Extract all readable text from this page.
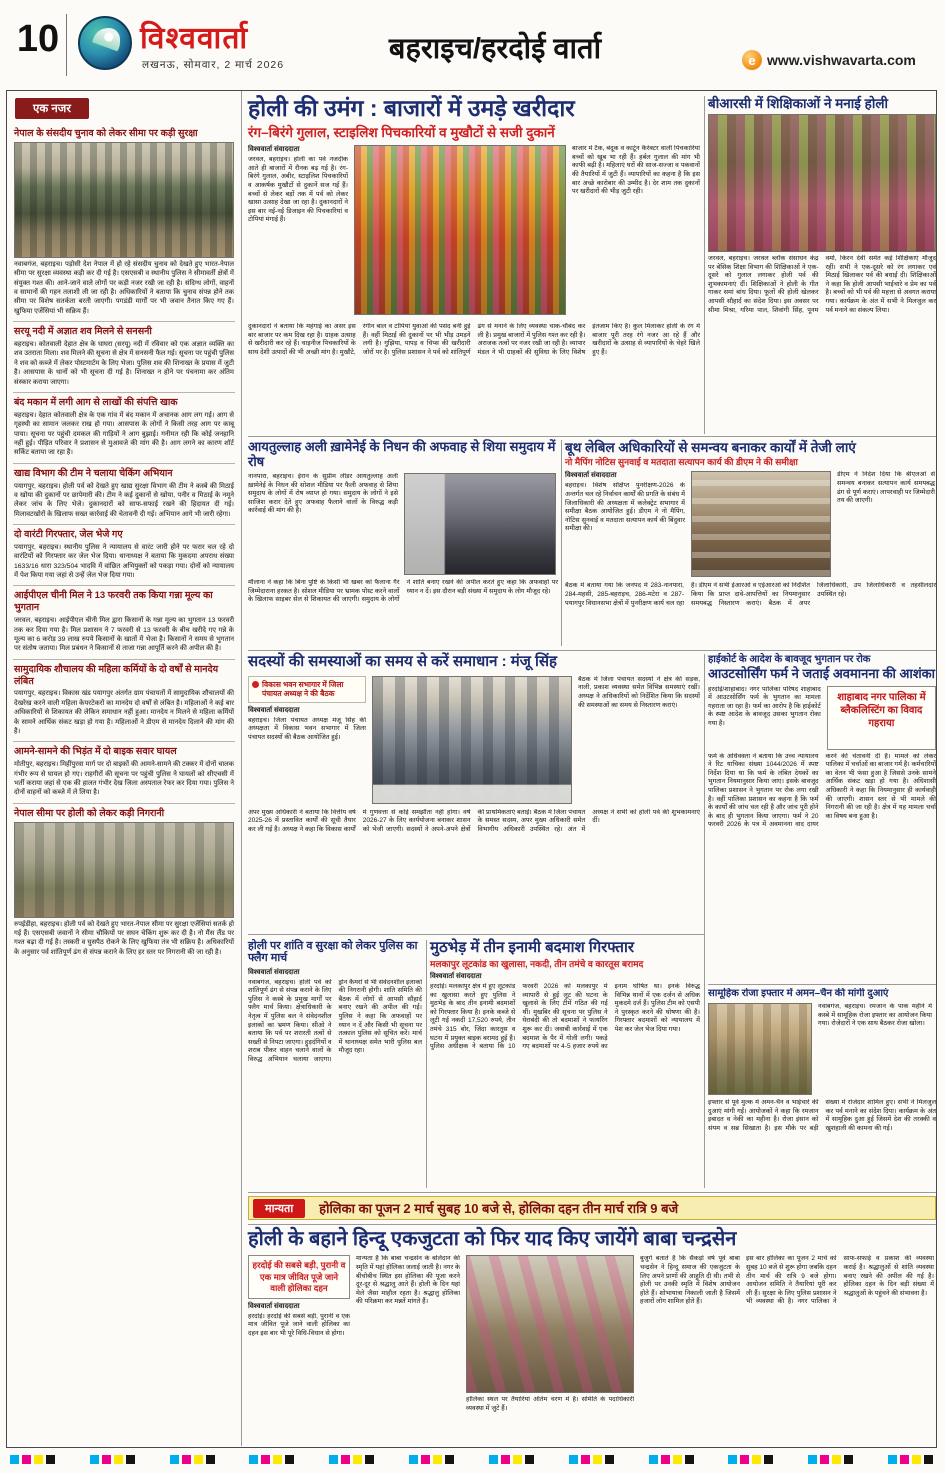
10	विश्ववार्ता
लखनऊ, सोमवार, 2 मार्च 2026	बहराइच/हरदोई वार्ता	e www.vishwavarta.com
एक नजर
नेपाल के संसदीय चुनाव को लेकर सीमा पर कड़ी सुरक्षा
नवाबगंज, बहराइच। पड़ोसी देश नेपाल में हो रहे संसदीय चुनाव को देखते हुए भारत-नेपाल सीमा पर सुरक्षा व्यवस्था कड़ी कर दी गई है। एसएसबी व स्थानीय पुलिस ने सीमावर्ती क्षेत्रों में संयुक्त गश्त की। आने-जाने वाले लोगों पर कड़ी नजर रखी जा रही है। संदिग्ध लोगों, वाहनों व सामानों की गहन तलाशी ली जा रही है। अधिकारियों ने बताया कि चुनाव संपन्न होने तक सीमा पर विशेष सतर्कता बरती जाएगी। पगडंडी मार्गों पर भी जवान तैनात किए गए हैं। खुफिया एजेंसियां भी सक्रिय हैं।
सरयू नदी में अज्ञात शव मिलने से सनसनी
बहराइच। कोतवाली देहात क्षेत्र के घाघरा (सरयू) नदी में रविवार को एक अज्ञात व्यक्ति का शव उतराता मिला। शव मिलने की सूचना से क्षेत्र में सनसनी फैल गई। सूचना पर पहुंची पुलिस ने शव को कब्जे में लेकर पोस्टमार्टम के लिए भेजा। पुलिस शव की शिनाख्त के प्रयास में जुटी है। आसपास के थानों को भी सूचना दी गई है। शिनाख्त न होने पर पंचनामा कर अंतिम संस्कार कराया जाएगा।
बंद मकान में लगी आग से लाखों की संपत्ति खाक
बहराइच। देहात कोतवाली क्षेत्र के एक गांव में बंद मकान में अचानक आग लग गई। आग से गृहस्थी का सामान जलकर राख हो गया। आसपास के लोगों ने किसी तरह आग पर काबू पाया। सूचना पर पहुंची दमकल की गाड़ियों ने आग बुझाई। गनीमत रही कि कोई जनहानि नहीं हुई। पीड़ित परिवार ने प्रशासन से मुआवजे की मांग की है। आग लगने का कारण शॉर्ट सर्किट बताया जा रहा है।
खाद्य विभाग की टीम ने चलाया चेकिंग अभियान
पयागपुर, बहराइच। होली पर्व को देखते हुए खाद्य सुरक्षा विभाग की टीम ने कस्बे की मिठाई व खोया की दुकानों पर छापेमारी की। टीम ने कई दुकानों से खोया, पनीर व मिठाई के नमूने लेकर जांच के लिए भेजे। दुकानदारों को साफ-सफाई रखने की हिदायत दी गई। मिलावटखोरों के खिलाफ सख्त कार्रवाई की चेतावनी दी गई। अभियान आगे भी जारी रहेगा।
दो वारंटी गिरफ्तार, जेल भेजे गए
पयागपुर, बहराइच। स्थानीय पुलिस ने न्यायालय से वारंट जारी होने पर फरार चल रहे दो वारंटियों को गिरफ्तार कर जेल भेज दिया। थानाध्यक्ष ने बताया कि मुकदमा अपराध संख्या 1633/16 धारा 323/504 भादवि में वांछित अभियुक्तों को पकड़ा गया। दोनों को न्यायालय में पेश किया गया जहां से उन्हें जेल भेज दिया गया।
आईपीएल चीनी मिल ने 13 फरवरी तक किया गन्ना मूल्य का भुगतान
जरवल, बहराइच। आईपीएल चीनी मिल द्वारा किसानों के गन्ना मूल्य का भुगतान 13 फरवरी तक कर दिया गया है। मिल प्रशासन ने 7 फरवरी से 13 फरवरी के बीच खरीदे गए गन्ने के मूल्य का 6 करोड़ 39 लाख रुपये किसानों के खातों में भेजा है। किसानों ने समय से भुगतान पर संतोष जताया। मिल प्रबंधन ने किसानों से ताजा गन्ना आपूर्ति करने की अपील की है।
सामुदायिक शौचालय की महिला कर्मियों के दो वर्षों से मानदेय लंबित
पयागपुर, बहराइच। विकास खंड पयागपुर अंतर्गत ग्राम पंचायतों में सामुदायिक शौचालयों की देखरेख करने वाली महिला केयरटेकरों का मानदेय दो वर्षों से लंबित है। महिलाओं ने कई बार अधिकारियों से शिकायत की लेकिन समाधान नहीं हुआ। मानदेय न मिलने से महिला कर्मियों के सामने आर्थिक संकट खड़ा हो गया है। महिलाओं ने डीएम से मानदेय दिलाने की मांग की है।
आमने-सामने की भिड़ंत में दो बाइक सवार घायल
मोतीपुर, बहराइच। मिहींपुरवा मार्ग पर दो बाइकों की आमने-सामने की टक्कर में दोनों चालक गंभीर रूप से घायल हो गए। राहगीरों की सूचना पर पहुंची पुलिस ने घायलों को सीएचसी में भर्ती कराया जहां से एक की हालत गंभीर देख जिला अस्पताल रेफर कर दिया गया। पुलिस ने दोनों वाहनों को कब्जे में ले लिया है।
नेपाल सीमा पर होली को लेकर कड़ी निगरानी
रुपईडीहा, बहराइच। होली पर्व को देखते हुए भारत-नेपाल सीमा पर सुरक्षा एजेंसियां सतर्क हो गई हैं। एसएसबी जवानों ने सीमा चौकियों पर सघन चेकिंग शुरू कर दी है। नो मैंस लैंड पर गश्त बढ़ा दी गई है। तस्करी व घुसपैठ रोकने के लिए खुफिया तंत्र भी सक्रिय है। अधिकारियों के अनुसार पर्व शांतिपूर्ण ढंग से संपन्न कराने के लिए हर स्तर पर निगरानी की जा रही है।
होली की उमंग : बाजारों में उमड़े खरीदार
रंग–बिरंगे गुलाल, स्टाइलिश पिचकारियों व मुखौटों से सजी दुकानें
विश्ववार्ता संवाददाता
जरवल, बहराइच। होली का पर्व नजदीक आते ही बाजारों में रौनक बढ़ गई है। रंग-बिरंगे गुलाल, अबीर, स्टाइलिश पिचकारियों व आकर्षक मुखौटों से दुकानें सज गई हैं। बच्चों से लेकर बड़ों तक में पर्व को लेकर खासा उत्साह देखा जा रहा है। दुकानदारों ने इस बार नई-नई डिजाइन की पिचकारियां व टोपियां मंगाई हैं।
बाजार में टैंक, बंदूक व कार्टून कैरेक्टर वाली पिचकारियां बच्चों को खूब भा रही हैं। हर्बल गुलाल की मांग भी काफी बढ़ी है। महिलाएं घरों की साज-सज्जा व पकवानों की तैयारियों में जुटी हैं। व्यापारियों का कहना है कि इस बार अच्छे कारोबार की उम्मीद है। देर शाम तक दुकानों पर खरीदारों की भीड़ जुटी रही।
दुकानदारों ने बताया कि महंगाई का असर इस बार बाजार पर कम दिख रहा है। ग्राहक उत्साह से खरीदारी कर रहे हैं। चाइनीज पिचकारियों के साथ देशी उत्पादों की भी अच्छी मांग है। मुखौटे, रंगीन बाल व टोपियां युवाओं की पसंद बनी हुई हैं। वहीं मिठाई की दुकानों पर भी भीड़ उमड़ने लगी है। गुझिया, पापड़ व चिप्स की खरीदारी जोरों पर है। पुलिस प्रशासन ने पर्व को शांतिपूर्ण ढंग से मनाने के लिए व्यवस्था चाक-चौबंद कर ली है। प्रमुख बाजारों में पुलिस गश्त कर रही है। अराजक तत्वों पर नजर रखी जा रही है। व्यापार मंडल ने भी ग्राहकों की सुविधा के लिए विशेष इंतजाम किए हैं। कुल मिलाकर होली के रंग में बाजार पूरी तरह रंगे नजर आ रहे हैं और खरीदारों के उत्साह से व्यापारियों के चेहरे खिले हुए हैं।
बीआरसी में शिक्षिकाओं ने मनाई होली
जरवल, बहराइच। जरवल ब्लॉक संसाधन केंद्र पर बेसिक शिक्षा विभाग की शिक्षिकाओं ने एक-दूसरे को गुलाल लगाकर होली पर्व की शुभकामनाएं दीं। शिक्षिकाओं ने होली के गीत गाकर समां बांध दिया। फूलों की होली खेलकर आपसी सौहार्द का संदेश दिया। इस अवसर पर सीमा मिश्रा, गरिमा पाल, शिवांगी सिंह, पूनम वर्मा, किरन देवी समेत कई शिक्षिकाएं मौजूद रहीं। सभी ने एक-दूसरे को रंग लगाकर एवं मिठाई खिलाकर पर्व की बधाई दी। शिक्षिकाओं ने कहा कि होली आपसी भाईचारे व प्रेम का पर्व है। बच्चों को भी पर्व की महत्ता से अवगत कराया गया। कार्यक्रम के अंत में सभी ने मिलजुल कर पर्व मनाने का संकल्प लिया।
आयतुल्लाह अली ख़ामेनेई के निधन की अफवाह से शिया समुदाय में रोष
नानपारा, बहराइच। ईरान के सुप्रीम लीडर आयतुल्लाह अली ख़ामेनेई के निधन की सोशल मीडिया पर फैली अफवाह से शिया समुदाय के लोगों में रोष व्याप्त हो गया। समुदाय के लोगों ने इसे साजिश करार देते हुए अफवाह फैलाने वालों के विरुद्ध कड़ी कार्रवाई की मांग की है।
मौलाना ने कहा कि बिना पुष्टि के किसी भी खबर को फैलाना गैर जिम्मेदाराना हरकत है। सोशल मीडिया पर भ्रामक पोस्ट करने वालों के खिलाफ साइबर सेल से शिकायत की जाएगी। समुदाय के लोगों ने शांति बनाए रखने की अपील करते हुए कहा कि अफवाहों पर ध्यान न दें। इस दौरान बड़ी संख्या में समुदाय के लोग मौजूद रहे।
बूथ लेबिल अधिकारियों से समन्वय बनाकर कार्यों में तेजी लाएं
नो मैपिंग नोटिस सुनवाई व मतदाता सत्यापन कार्य की डीएम ने की समीक्षा
विश्ववार्ता संवाददाता
बहराइच। विशेष संक्षिप्त पुनरीक्षण-2026 के अन्तर्गत चल रहे निर्वाचन कार्यों की प्रगति के संबंध में जिलाधिकारी की अध्यक्षता में कलेक्ट्रेट सभागार में समीक्षा बैठक आयोजित हुई। डीएम ने नो मैपिंग, नोटिस सुनवाई व मतदाता सत्यापन कार्य की बिंदुवार समीक्षा की।
डीएम ने निर्देश दिया कि बीएलओ से समन्वय बनाकर सत्यापन कार्य समयबद्ध ढंग से पूर्ण कराएं। लापरवाही पर जिम्मेदारी तय की जाएगी।
बैठक में बताया गया कि जनपद में 283-नानपारा, 284-महसी, 285-बहराइच, 286-मटेरा व 287-पयागपुर विधानसभा क्षेत्रों में पुनरीक्षण कार्य चल रहा है। डीएम ने सभी ईआरओ व एईआरओ को निर्देशित किया कि प्राप्त दावे-आपत्तियों का नियमानुसार समयबद्ध निस्तारण कराएं। बैठक में अपर जिलाधिकारी, उप जिलाधिकारी व तहसीलदार उपस्थित रहे।
सदस्यों की समस्याओं का समय से करें समाधान : मंजू सिंह
विकास भवन सभागार में जिला पंचायत अध्यक्ष ने की बैठक
विश्ववार्ता संवाददाता
बहराइच। जिला पंचायत अध्यक्ष मंजू सिंह की अध्यक्षता में विकास भवन सभागार में जिला पंचायत सदस्यों की बैठक आयोजित हुई।
बैठक में जिला पंचायत सदस्यों ने क्षेत्र की सड़क, नाली, प्रकाश व्यवस्था समेत विभिन्न समस्याएं रखीं। अध्यक्ष ने अधिकारियों को निर्देशित किया कि सदस्यों की समस्याओं का समय से निस्तारण कराएं।
अपर मुख्य अधिकारी ने बताया कि वित्तीय वर्ष 2025-26 में प्रस्तावित कार्यों की सूची तैयार कर ली गई है। अध्यक्ष ने कहा कि विकास कार्यों में गुणवत्ता से कोई समझौता नहीं होगा। वर्ष 2026-27 के लिए कार्ययोजना बनाकर शासन को भेजी जाएगी। सदस्यों ने अपने-अपने क्षेत्रों की प्राथमिकताएं बताईं। बैठक में जिला पंचायत के समस्त सदस्य, अपर मुख्य अधिकारी समेत विभागीय अधिकारी उपस्थित रहे। अंत में अध्यक्ष ने सभी को होली पर्व की शुभकामनाएं दीं।
हाईकोर्ट के आदेश के बावजूद भुगतान पर रोक
आउटसोर्सिंग फर्म ने जताई अवमानना की आशंका
हरदोई/शाहाबाद। नगर पालिका परिषद शाहाबाद में आउटसोर्सिंग फर्म के भुगतान का मामला गहराता जा रहा है। फर्म का आरोप है कि हाईकोर्ट के स्पष्ट आदेश के बावजूद उसका भुगतान रोका गया है।
शाहाबाद नगर पालिका में ब्लैकलिस्टिंग का विवाद गहराया
फर्म के अधिवक्ता ने बताया कि उच्च न्यायालय ने रिट याचिका संख्या 1044/2026 में स्पष्ट निर्देश दिया था कि फर्म के लंबित देयकों का भुगतान नियमानुसार किया जाए। इसके बावजूद पालिका प्रशासन ने भुगतान पर रोक लगा रखी है। वहीं पालिका प्रशासन का कहना है कि फर्म के कार्यों की जांच चल रही है और जांच पूरी होने के बाद ही भुगतान किया जाएगा। फर्म ने 20 फरवरी 2026 के पत्र में अवमानना वाद दायर करने की चेतावनी दी है। मामले को लेकर पालिका में चर्चाओं का बाजार गर्म है। कर्मचारियों का वेतन भी फंसा हुआ है जिससे उनके सामने आर्थिक संकट खड़ा हो गया है। अधिशासी अधिकारी ने कहा कि नियमानुसार ही कार्यवाही की जाएगी। शासन स्तर से भी मामले की निगरानी की जा रही है। क्षेत्र में यह मामला चर्चा का विषय बना हुआ है।
सामूहिक रोजा इफ्तार में अमन–चैन की मांगी दुआएं
नवाबगंज, बहराइच। रमजान के पाक महीने में कस्बे में सामूहिक रोजा इफ्तार का आयोजन किया गया। रोजेदारों ने एक साथ बैठकर रोजा खोला।
इफ्तार से पूर्व मुल्क में अमन-चैन व भाईचारे की दुआएं मांगी गईं। आयोजकों ने कहा कि रमजान इबादत व नेकी का महीना है। रोजा इंसान को संयम व सब्र सिखाता है। इस मौके पर बड़ी संख्या में रोजेदार शामिल हुए। सभी ने मिलजुल कर पर्व मनाने का संदेश दिया। कार्यक्रम के अंत में सामूहिक दुआ हुई जिसमें देश की तरक्की व खुशहाली की कामना की गई।
होली पर शांति व सुरक्षा को लेकर पुलिस का फ्लैग मार्च
विश्ववार्ता संवाददाता
नवाबगंज, बहराइच। होली पर्व को शांतिपूर्ण ढंग से संपन्न कराने के लिए पुलिस ने कस्बे के प्रमुख मार्गों पर फ्लैग मार्च किया। क्षेत्राधिकारी के नेतृत्व में पुलिस बल ने संवेदनशील इलाकों का भ्रमण किया। सीओ ने बताया कि पर्व पर शरारती तत्वों से सख्ती से निपटा जाएगा। हुड़दंगियों व शराब पीकर वाहन चलाने वालों के विरुद्ध अभियान चलाया जाएगा। ड्रोन कैमरों से भी संवेदनशील इलाकों की निगरानी होगी। शांति समिति की बैठक में लोगों से आपसी सौहार्द बनाए रखने की अपील की गई। पुलिस ने कहा कि अफवाहों पर ध्यान न दें और किसी भी सूचना पर तत्काल पुलिस को सूचित करें। मार्च में थानाध्यक्ष समेत भारी पुलिस बल मौजूद रहा।
मुठभेड़ में तीन इनामी बदमाश गिरफ्तार
मलकापुर लूटकांड का खुलासा, नकदी, तीन तमंचे व कारतूस बरामद
विश्ववार्ता संवाददाता
हरदोई। मलकापुर क्षेत्र में हुए लूटकांड का खुलासा करते हुए पुलिस ने मुठभेड़ के बाद तीन इनामी बदमाशों को गिरफ्तार किया है। इनके कब्जे से लूटी गई नकदी 17,520 रुपये, तीन तमंचे 315 बोर, जिंदा कारतूस व घटना में प्रयुक्त बाइक बरामद हुई है। पुलिस अधीक्षक ने बताया कि 10 फरवरी 2026 को मलकापुर में व्यापारी से हुई लूट की घटना के खुलासे के लिए टीमें गठित की गई थीं। मुखबिर की सूचना पर पुलिस ने घेराबंदी की तो बदमाशों ने फायरिंग शुरू कर दी। जवाबी कार्रवाई में एक बदमाश के पैर में गोली लगी। पकड़े गए बदमाशों पर 4-5 हजार रुपये का इनाम घोषित था। इनके विरुद्ध विभिन्न थानों में एक दर्जन से अधिक मुकदमे दर्ज हैं। पुलिस टीम को एसपी ने पुरस्कृत करने की घोषणा की है। गिरफ्तार बदमाशों को न्यायालय में पेश कर जेल भेज दिया गया।
मान्यता	होलिका का पूजन 2 मार्च सुबह 10 बजे से, होलिका दहन तीन मार्च रात्रि 9 बजे
होली के बहाने हिन्दू एकजुटता को फिर याद किए जायेंगे बाबा चन्द्रसेन
हरदोई की सबसे बड़ी, पुरानी व एक मात्र जीवित पूजे जाने वाली होलिका दहन
विश्ववार्ता संवाददाता
हरदोई। हरदोई की सबसे बड़ी, पुरानी व एक मात्र जीवित पूजे जाने वाली होलिका का दहन इस बार भी पूरे विधि-विधान से होगा।
मान्यता है कि बाबा चन्द्रसेन के बलिदान की स्मृति में यहां होलिका जलाई जाती है। नगर के बीचोबीच स्थित इस होलिका की पूजा करने दूर-दूर से श्रद्धालु आते हैं। होली के दिन यहां मेले जैसा माहौल रहता है। श्रद्धालु होलिका की परिक्रमा कर मन्नतें मांगते हैं।
होलिका स्थल पर तैयारियां अंतिम चरण में हैं। समिति के पदाधिकारी व्यवस्था में जुटे हैं।
बुजुर्ग बताते हैं कि सैकड़ों वर्ष पूर्व बाबा चन्द्रसेन ने हिन्दू समाज की एकजुटता के लिए अपने प्राणों की आहुति दी थी। तभी से होली पर उनकी स्मृति में विशेष आयोजन होते हैं। शोभायात्रा निकाली जाती है जिसमें हजारों लोग शामिल होते हैं।
इस बार होलिका का पूजन 2 मार्च को सुबह 10 बजे से शुरू होगा जबकि दहन तीन मार्च की रात्रि 9 बजे होगा। आयोजन समिति ने तैयारियां पूरी कर ली हैं। सुरक्षा के लिए पुलिस प्रशासन ने भी व्यवस्था की है। नगर पालिका ने साफ-सफाई व प्रकाश की व्यवस्था कराई है। श्रद्धालुओं से शांति व्यवस्था बनाए रखने की अपील की गई है। होलिका दहन के दिन बड़ी संख्या में श्रद्धालुओं के पहुंचने की संभावना है।
